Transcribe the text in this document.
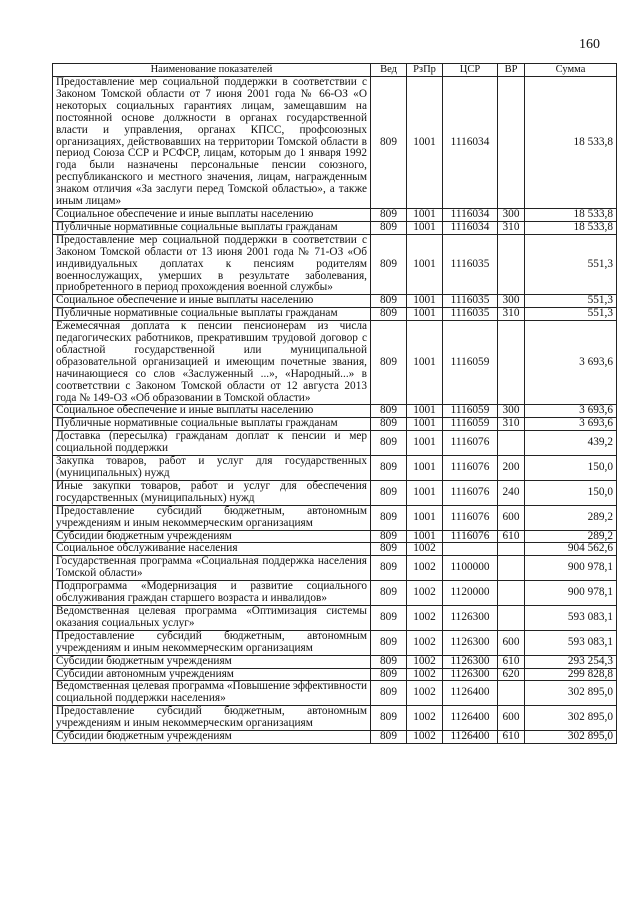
160
Наименование показателей	Вед	РзПр	ЦСР	ВР	Сумма
Предоставление мер социальной поддержки в соответствии с Законом Томской области от 7 июня 2001 года № 66-ОЗ «О некоторых социальных гарантиях лицам, замещавшим на постоянной основе должности в органах государственной власти и управления, органах КПСС, профсоюзных организациях, действовавших на территории Томской области в период Союза ССР и РСФСР, лицам, которым до 1 января 1992 года были назначены персональные пенсии союзного, республиканского и местного значения, лицам, награжденным знаком отличия «За заслуги перед Томской областью», а также иным лицам»	809	1001	1116034		18 533,8
Социальное обеспечение и иные выплаты населению	809	1001	1116034	300	18 533,8
Публичные нормативные социальные выплаты гражданам	809	1001	1116034	310	18 533,8
Предоставление мер социальной поддержки в соответствии с Законом Томской области от 13 июня 2001 года № 71-ОЗ «Об индивидуальных доплатах к пенсиям родителям военнослужащих, умерших в результате заболевания, приобретенного в период прохождения военной службы»	809	1001	1116035		551,3
Социальное обеспечение и иные выплаты населению	809	1001	1116035	300	551,3
Публичные нормативные социальные выплаты гражданам	809	1001	1116035	310	551,3
Ежемесячная доплата к пенсии пенсионерам из числа педагогических работников, прекратившим трудовой договор с областной государственной или муниципальной образовательной организацией и имеющим почетные звания, начинающиеся со слов «Заслуженный ...», «Народный...» в соответствии с Законом Томской области от 12 августа 2013 года № 149-ОЗ «Об образовании в Томской области»	809	1001	1116059		3 693,6
Социальное обеспечение и иные выплаты населению	809	1001	1116059	300	3 693,6
Публичные нормативные социальные выплаты гражданам	809	1001	1116059	310	3 693,6
Доставка (пересылка) гражданам доплат к пенсии и мер социальной поддержки	809	1001	1116076		439,2
Закупка товаров, работ и услуг для государственных (муниципальных) нужд	809	1001	1116076	200	150,0
Иные закупки товаров, работ и услуг для обеспечения государственных (муниципальных) нужд	809	1001	1116076	240	150,0
Предоставление субсидий бюджетным, автономным учреждениям и иным некоммерческим организациям	809	1001	1116076	600	289,2
Субсидии бюджетным учреждениям	809	1001	1116076	610	289,2
Социальное обслуживание населения	809	1002			904 562,6
Государственная программа «Социальная поддержка населения Томской области»	809	1002	1100000		900 978,1
Подпрограмма «Модернизация и развитие социального обслуживания граждан старшего возраста и инвалидов»	809	1002	1120000		900 978,1
Ведомственная целевая программа «Оптимизация системы оказания социальных услуг»	809	1002	1126300		593 083,1
Предоставление субсидий бюджетным, автономным учреждениям и иным некоммерческим организациям	809	1002	1126300	600	593 083,1
Субсидии бюджетным учреждениям	809	1002	1126300	610	293 254,3
Субсидии автономным учреждениям	809	1002	1126300	620	299 828,8
Ведомственная целевая программа «Повышение эффективности социальной поддержки населения»	809	1002	1126400		302 895,0
Предоставление субсидий бюджетным, автономным учреждениям и иным некоммерческим организациям	809	1002	1126400	600	302 895,0
Субсидии бюджетным учреждениям	809	1002	1126400	610	302 895,0
